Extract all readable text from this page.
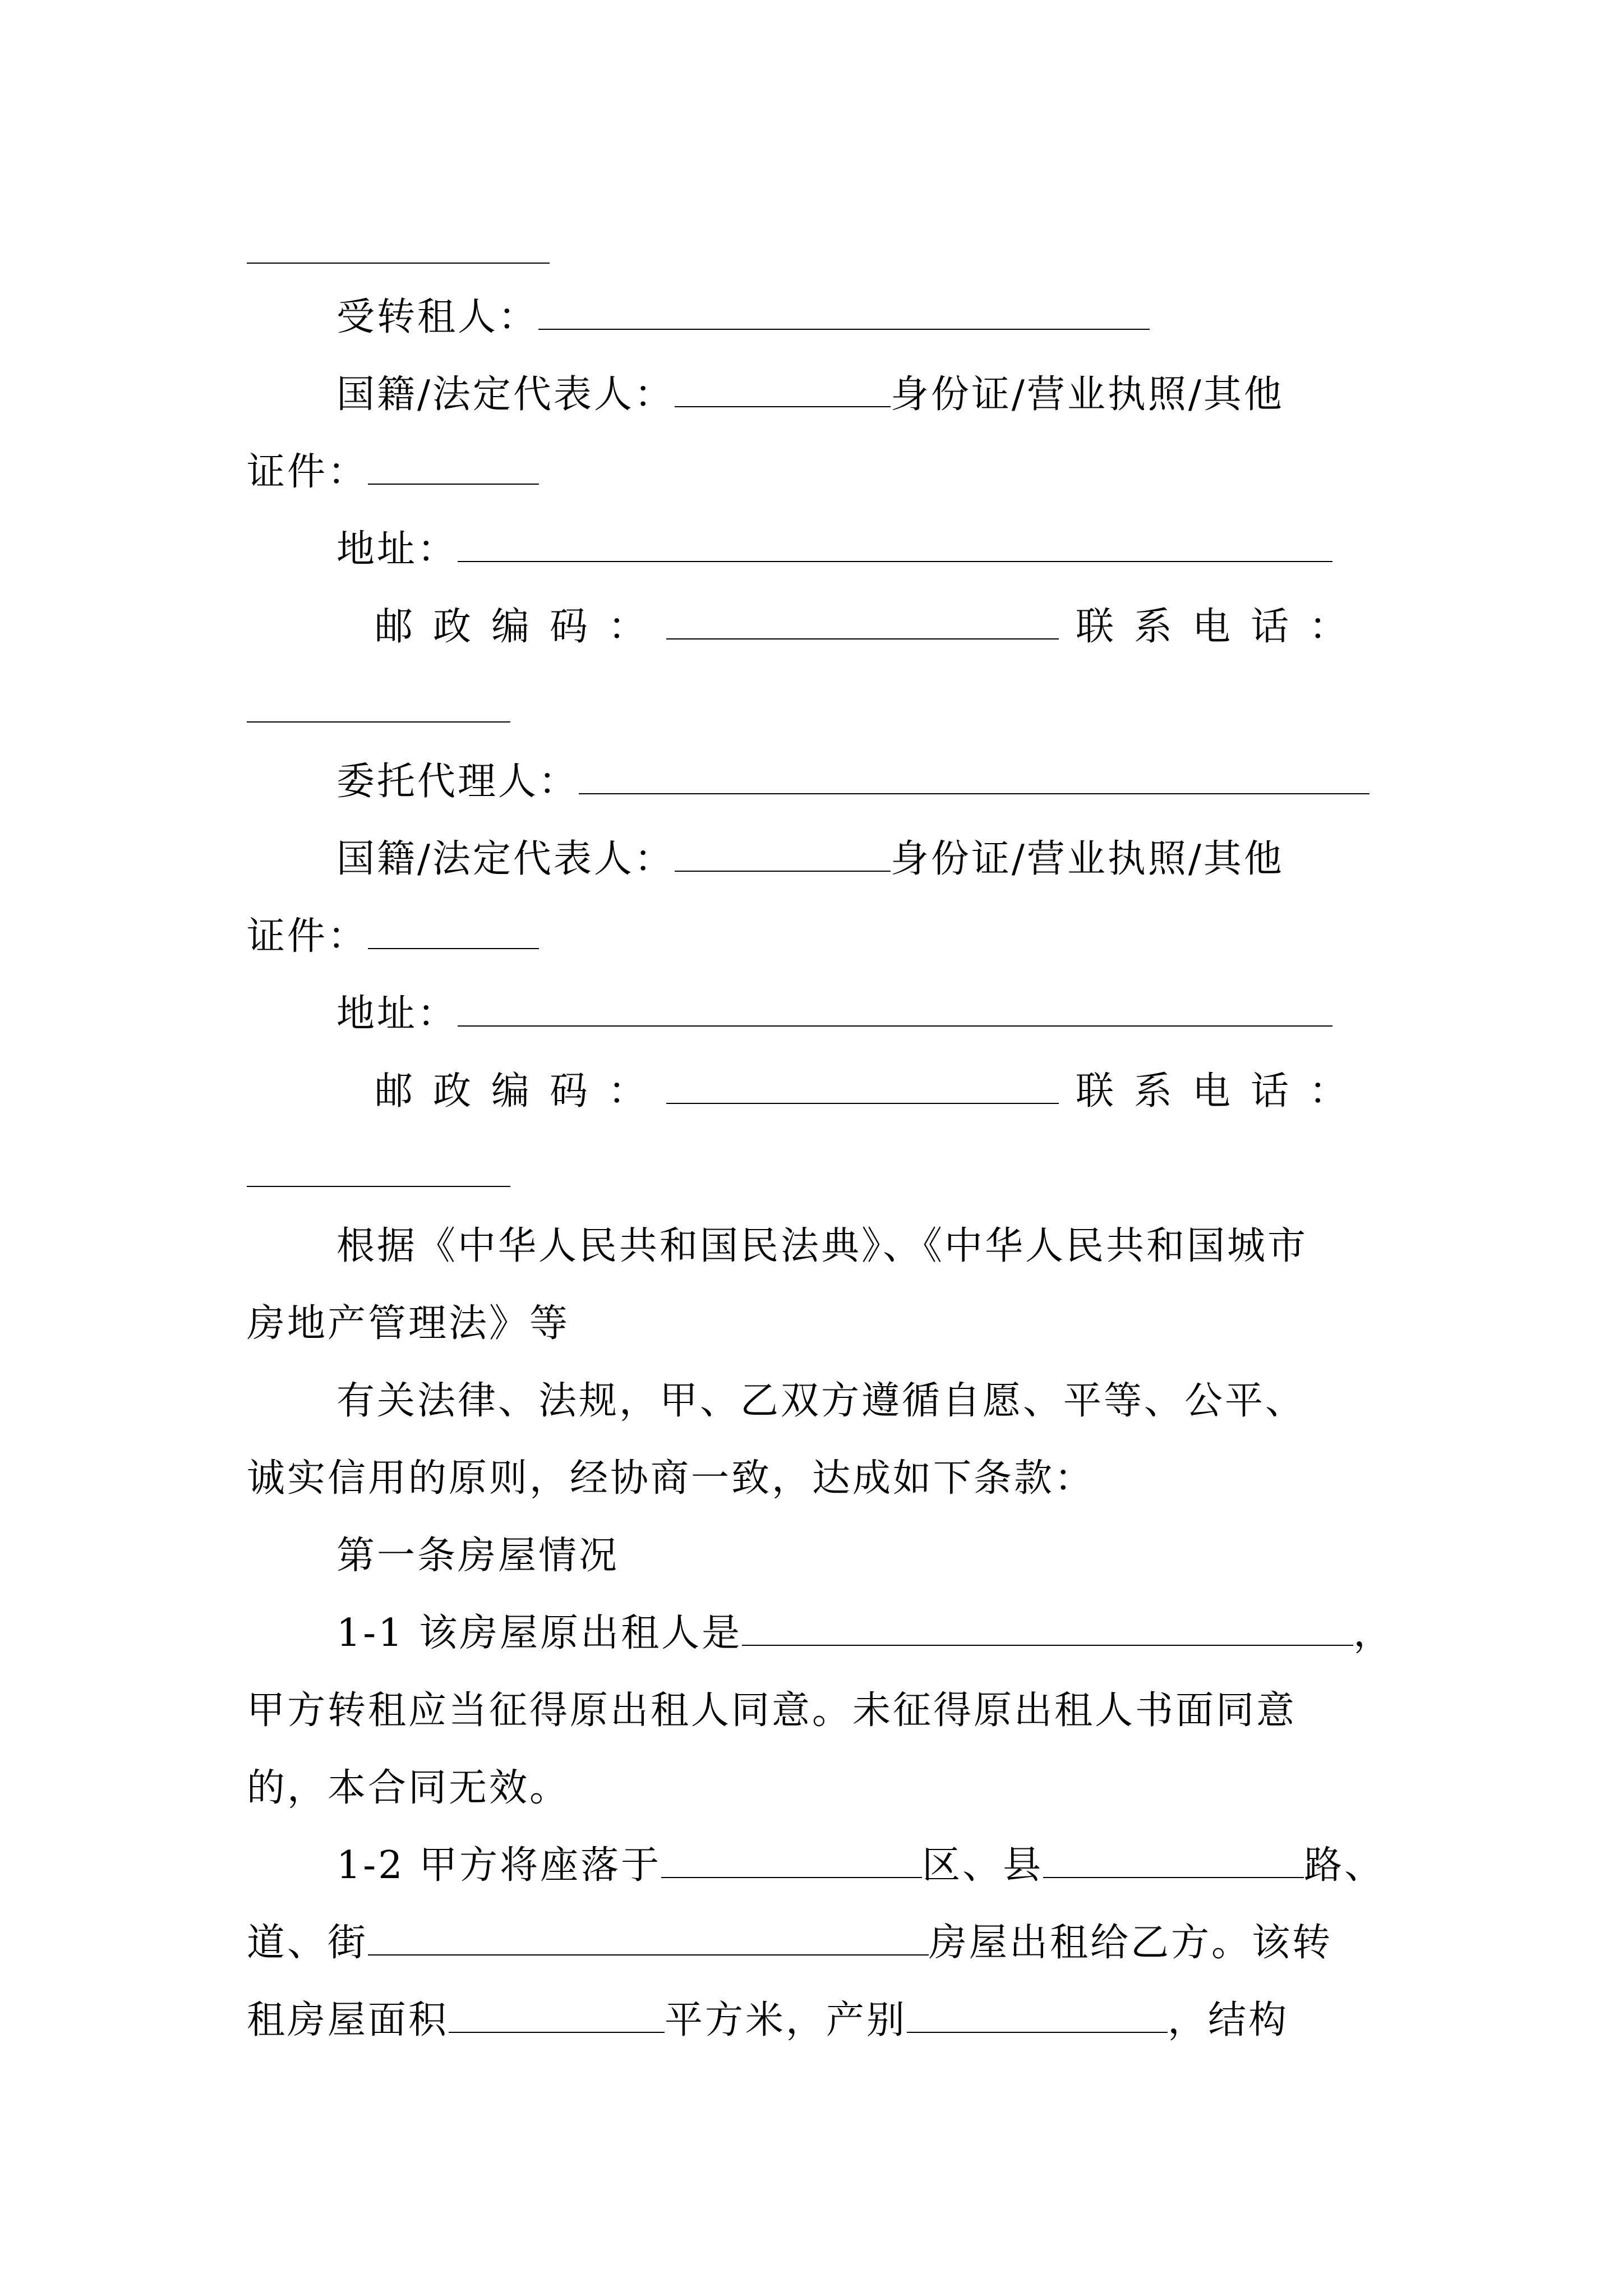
受转租人：
国籍/法定代表人：	身份证/营业执照/其他
证件：
地址：
邮政编码：	联系电话：
委托代理人：
国籍/法定代表人：	身份证/营业执照/其他
证件：
地址：
邮政编码：	联系电话：
根据《中华人民共和国民法典》、《中华人民共和国城市
房地产管理法》等
有关法律、法规，甲、乙双方遵循自愿、平等、公平、
诚实信用的原则，经协商一致，达成如下条款：
第一条房屋情况
1-1 该房屋原出租人是	，
甲方转租应当征得原出租人同意。未征得原出租人书面同意
的，本合同无效。
1-2 甲方将座落于	区、县	路、
道、街	房屋出租给乙方。该转
租房屋面积	平方米，产别	，结构
